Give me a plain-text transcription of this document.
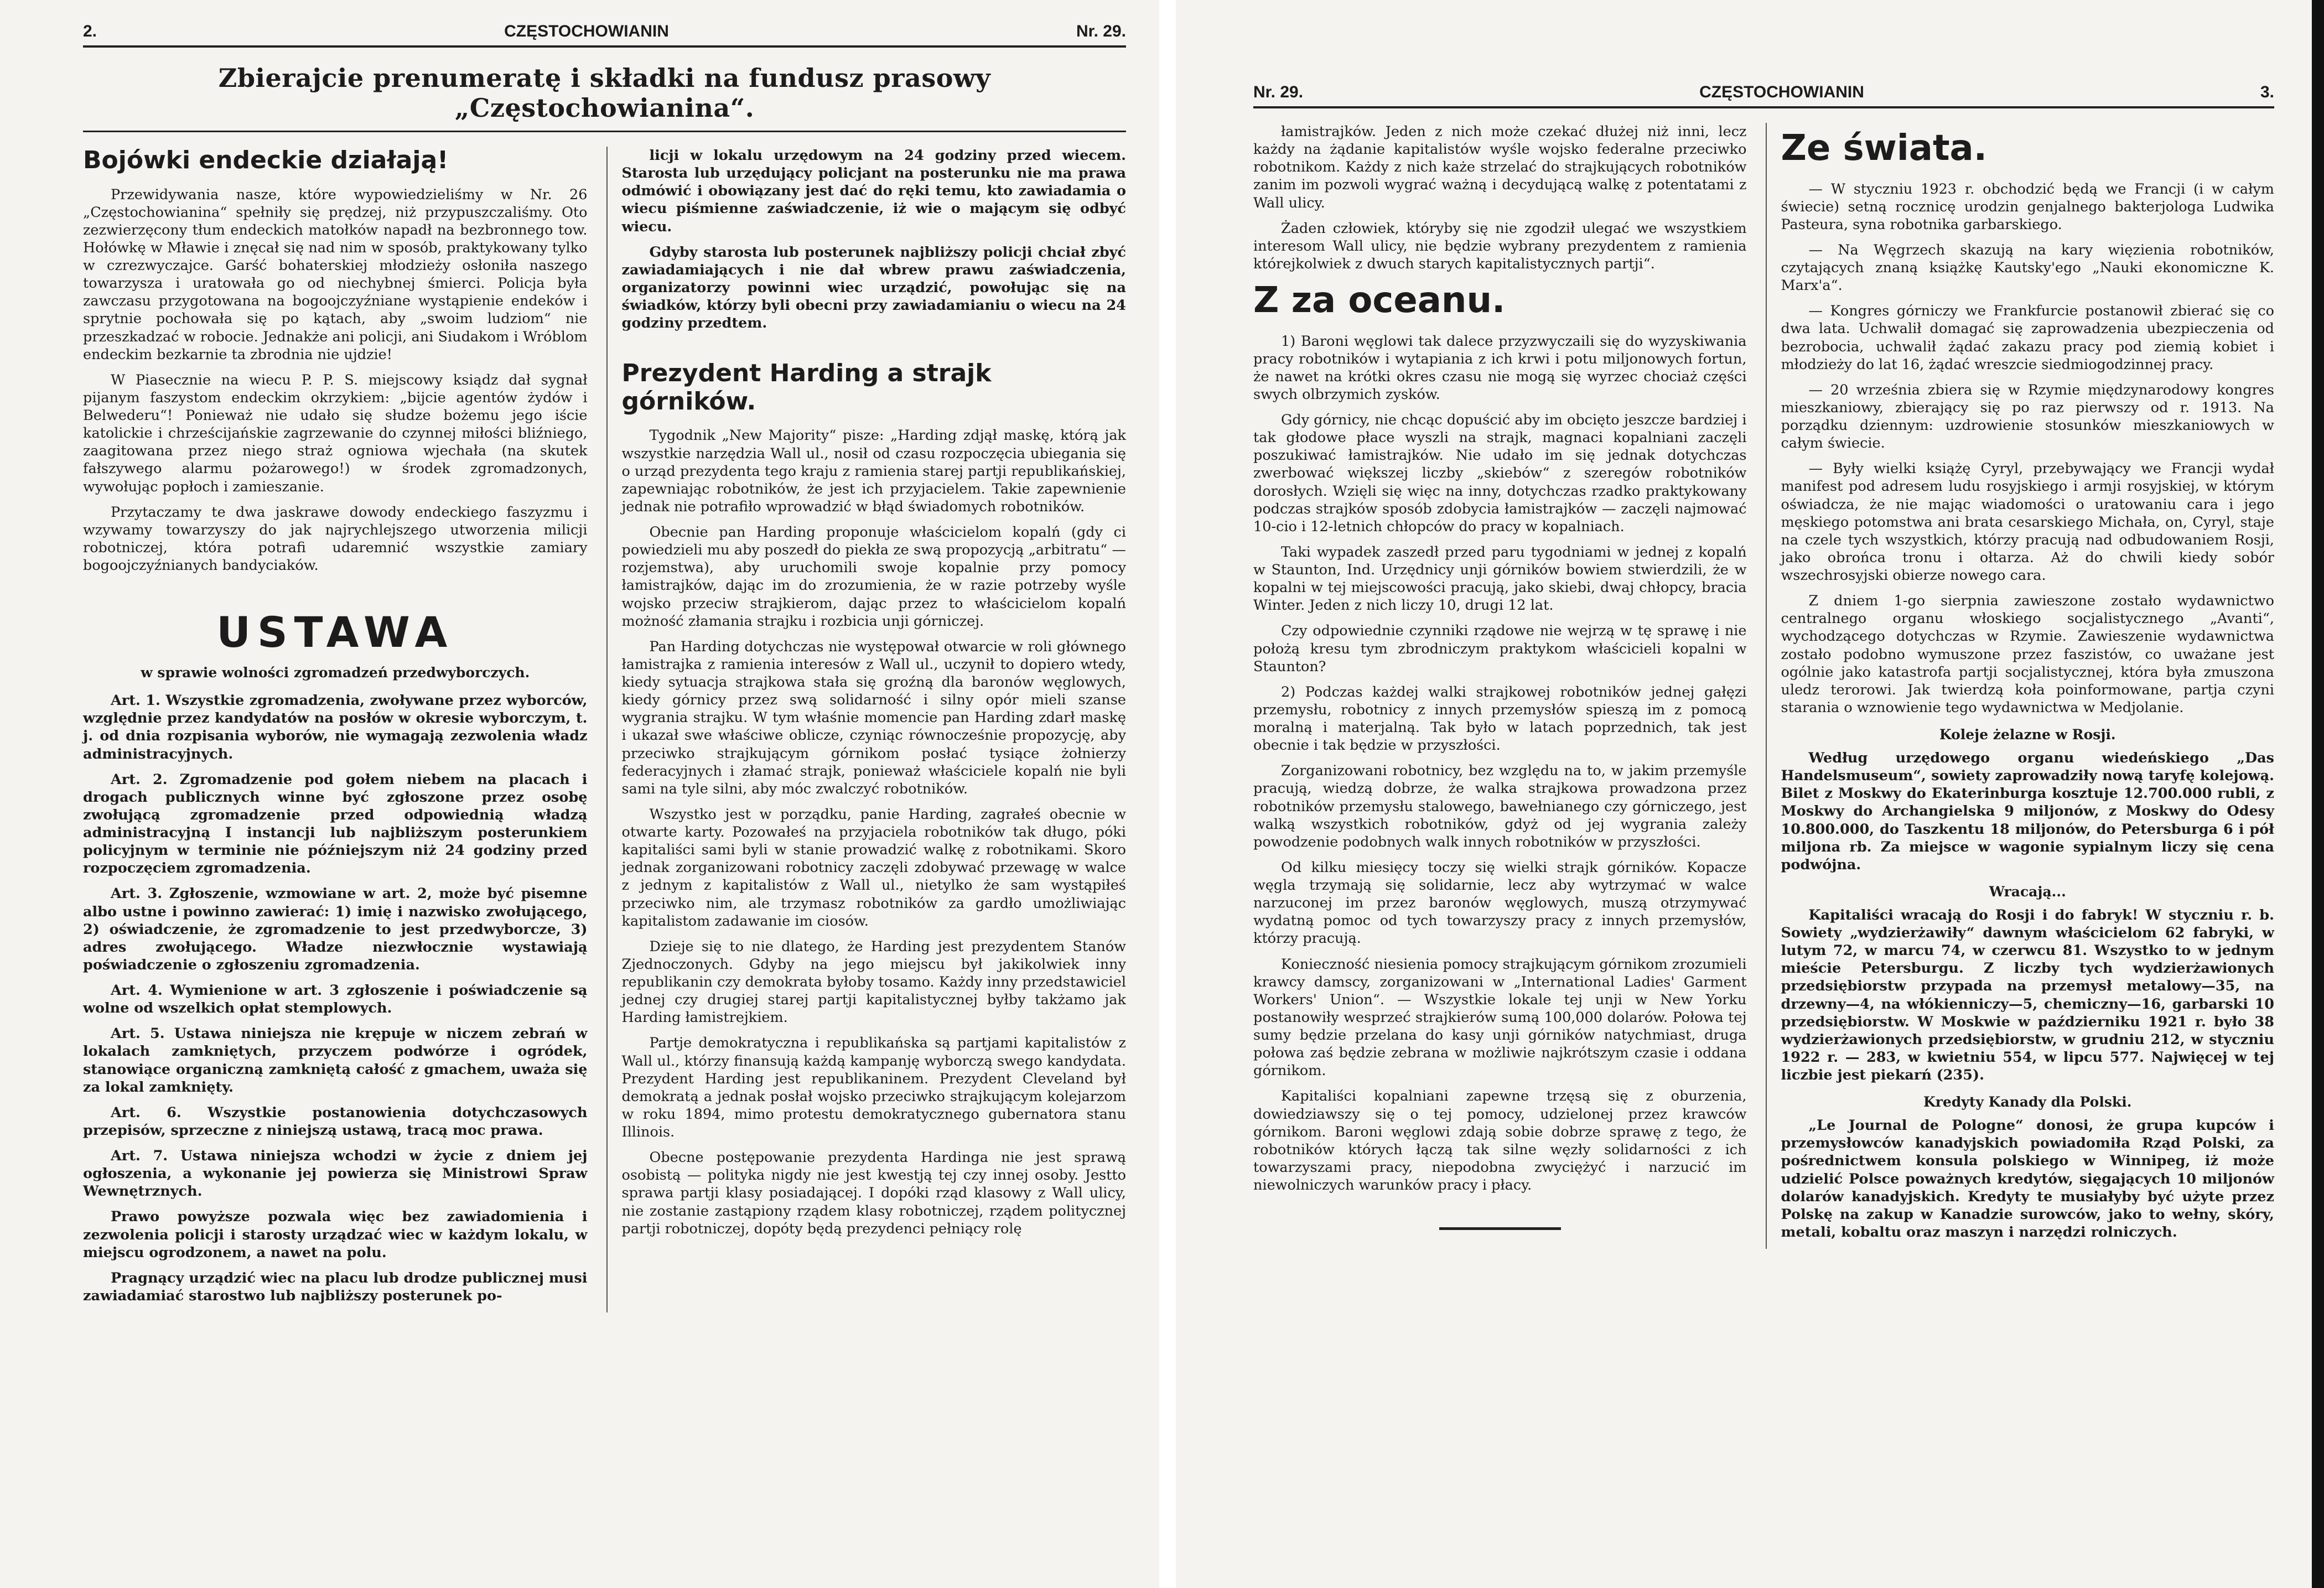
2.	CZĘSTOCHOWIANIN	Nr. 29.
Zbierajcie prenumeratę i składki na fundusz prasowy „Częstochowianina“.
Bojówki endeckie działają!

Przewidywania nasze, które wypowiedzieliśmy w Nr. 26 „Częstochowianina“ spełniły się prędzej, niż przypuszczaliśmy. Oto zezwierzęcony tłum endeckich matołków napadł na bezbronnego tow. Hołówkę w Mławie i znęcał się nad nim w sposób, praktykowany tylko w czrezwyczajce. Garść bohaterskiej młodzieży osłoniła naszego towarzysza i uratowała go od niechybnej śmierci. Policja była zawczasu przygotowana na bogoojczyźniane wystąpienie endeków i sprytnie pochowała się po kątach, aby „swoim ludziom“ nie przeszkadzać w robocie. Jednakże ani policji, ani Siudakom i Wróblom endeckim bezkarnie ta zbrodnia nie ujdzie!

W Piasecznie na wiecu P. P. S. miejscowy ksiądz dał sygnał pijanym faszystom endeckim okrzykiem: „bijcie agentów żydów i Belwederu“! Ponieważ nie udało się słudze bożemu jego iście katolickie i chrześcijańskie zagrzewanie do czynnej miłości bliźniego, zaagitowana przez niego straż ogniowa wjechała (na skutek fałszywego alarmu pożarowego!) w środek zgromadzonych, wywołując popłoch i zamieszanie.

Przytaczamy te dwa jaskrawe dowody endeckiego faszyzmu i wzywamy towarzyszy do jak najrychlejszego utworzenia milicji robotniczej, która potrafi udaremnić wszystkie zamiary bogoojczyźnianych bandyciaków.

USTAWA
w sprawie wolności zgromadzeń przedwyborczych.

Art. 1. Wszystkie zgromadzenia, zwoływane przez wyborców, względnie przez kandydatów na posłów w okresie wyborczym, t. j. od dnia rozpisania wyborów, nie wymagają zezwolenia władz administracyjnych.

Art. 2. Zgromadzenie pod gołem niebem na placach i drogach publicznych winne być zgłoszone przez osobę zwołującą zgromadzenie przed odpowiednią władzą administracyjną I instancji lub najbliższym posterunkiem policyjnym w terminie nie późniejszym niż 24 godziny przed rozpoczęciem zgromadzenia.

Art. 3. Zgłoszenie, wzmowiane w art. 2, może być pisemne albo ustne i powinno zawierać: 1) imię i nazwisko zwołującego, 2) oświadczenie, że zgromadzenie to jest przedwyborcze, 3) adres zwołującego. Władze niezwłocznie wystawiają poświadczenie o zgłoszeniu zgromadzenia.

Art. 4. Wymienione w art. 3 zgłoszenie i poświadczenie są wolne od wszelkich opłat stemplowych.

Art. 5. Ustawa niniejsza nie krępuje w niczem zebrań w lokalach zamkniętych, przyczem podwórze i ogródek, stanowiące organiczną zamkniętą całość z gmachem, uważa się za lokal zamknięty.

Art. 6. Wszystkie postanowienia dotychczasowych przepisów, sprzeczne z niniejszą ustawą, tracą moc prawa.

Art. 7. Ustawa niniejsza wchodzi w życie z dniem jej ogłoszenia, a wykonanie jej powierza się Ministrowi Spraw Wewnętrznych.

Prawo powyższe pozwala więc bez zawiadomienia i zezwolenia policji i starosty urządzać wiec w każdym lokalu, w miejscu ogrodzonem, a nawet na polu.

Pragnący urządzić wiec na placu lub drodze publicznej musi zawiadamiać starostwo lub najbliższy posterunek po-

licji w lokalu urzędowym na 24 godziny przed wiecem. Starosta lub urzędujący policjant na posterunku nie ma prawa odmówić i obowiązany jest dać do ręki temu, kto zawiadamia o wiecu piśmienne zaświadczenie, iż wie o mającym się odbyć wiecu.

Gdyby starosta lub posterunek najbliższy policji chciał zbyć zawiadamiających i nie dał wbrew prawu zaświadczenia, organizatorzy powinni wiec urządzić, powołując się na świadków, którzy byli obecni przy zawiadamianiu o wiecu na 24 godziny przedtem.

Prezydent Harding a strajk górników.

Tygodnik „New Majority“ pisze: „Harding zdjął maskę, którą jak wszystkie narzędzia Wall ul., nosił od czasu rozpoczęcia ubiegania się o urząd prezydenta tego kraju z ramienia starej partji republikańskiej, zapewniając robotników, że jest ich przyjacielem. Takie zapewnienie jednak nie potrafiło wprowadzić w błąd świadomych robotników.

Obecnie pan Harding proponuje właścicielom kopalń (gdy ci powiedzieli mu aby poszedł do piekła ze swą propozycją „arbitratu“ — rozjemstwa), aby uruchomili swoje kopalnie przy pomocy łamistrajków, dając im do zrozumienia, że w razie potrzeby wyśle wojsko przeciw strajkierom, dając przez to właścicielom kopalń możność złamania strajku i rozbicia unji górniczej.

Pan Harding dotychczas nie występował otwarcie w roli głównego łamistrajka z ramienia interesów z Wall ul., uczynił to dopiero wtedy, kiedy sytuacja strajkowa stała się groźną dla baronów węglowych, kiedy górnicy przez swą solidarność i silny opór mieli szanse wygrania strajku. W tym właśnie momencie pan Harding zdarł maskę i ukazał swe właściwe oblicze, czyniąc równocześnie propozycję, aby przeciwko strajkującym górnikom posłać tysiące żołnierzy federacyjnych i złamać strajk, ponieważ właściciele kopalń nie byli sami na tyle silni, aby móc zwalczyć robotników.

Wszystko jest w porządku, panie Harding, zagrałeś obecnie w otwarte karty. Pozowałeś na przyjaciela robotników tak długo, póki kapitaliści sami byli w stanie prowadzić walkę z robotnikami. Skoro jednak zorganizowani robotnicy zaczęli zdobywać przewagę w walce z jednym z kapitalistów z Wall ul., nietylko że sam wystąpiłeś przeciwko nim, ale trzymasz robotników za gardło umożliwiając kapitalistom zadawanie im ciosów.

Dzieje się to nie dlatego, że Harding jest prezydentem Stanów Zjednoczonych. Gdyby na jego miejscu był jakikolwiek inny republikanin czy demokrata byłoby tosamo. Każdy inny przedstawiciel jednej czy drugiej starej partji kapitalistycznej byłby takżamo jak Harding łamistrejkiem.

Partje demokratyczna i republikańska są partjami kapitalistów z Wall ul., którzy finansują każdą kampanję wyborczą swego kandydata. Prezydent Harding jest republikaninem. Prezydent Cleveland był demokratą a jednak posłał wojsko przeciwko strajkującym kolejarzom w roku 1894, mimo protestu demokratycznego gubernatora stanu Illinois.

Obecne postępowanie prezydenta Hardinga nie jest sprawą osobistą — polityka nigdy nie jest kwestją tej czy innej osoby. Jestto sprawa partji klasy posiadającej. I dopóki rząd klasowy z Wall ulicy, nie zostanie zastąpiony rządem klasy robotniczej, rządem politycznej partji robotniczej, dopóty będą prezydenci pełniący rolę

Nr. 29.	CZĘSTOCHOWIANIN	3.

łamistrajków. Jeden z nich może czekać dłużej niż inni, lecz każdy na żądanie kapitalistów wyśle wojsko federalne przeciwko robotnikom. Każdy z nich każe strzelać do strajkujących robotników zanim im pozwoli wygrać ważną i decydującą walkę z potentatami z Wall ulicy.

Żaden człowiek, któryby się nie zgodził ulegać we wszystkiem interesom Wall ulicy, nie będzie wybrany prezydentem z ramienia którejkolwiek z dwuch starych kapitalistycznych partji“.

Z za oceanu.

1) Baroni węglowi tak dalece przyzwyczaili się do wyzyskiwania pracy robotników i wytapiania z ich krwi i potu miljonowych fortun, że nawet na krótki okres czasu nie mogą się wyrzec chociaż części swych olbrzymich zysków.

Gdy górnicy, nie chcąc dopuścić aby im obcięto jeszcze bardziej i tak głodowe płace wyszli na strajk, magnaci kopalniani zaczęli poszukiwać łamistrajków. Nie udało im się jednak dotychczas zwerbować większej liczby „skiebów“ z szeregów robotników dorosłych. Wzięli się więc na inny, dotychczas rzadko praktykowany podczas strajków sposób zdobycia łamistrajków — zaczęli najmować 10-cio i 12-letnich chłopców do pracy w kopalniach.

Taki wypadek zaszedł przed paru tygodniami w jednej z kopalń w Staunton, Ind. Urzędnicy unji górników bowiem stwierdzili, że w kopalni w tej miejscowości pracują, jako skiebi, dwaj chłopcy, bracia Winter. Jeden z nich liczy 10, drugi 12 lat.

Czy odpowiednie czynniki rządowe nie wejrzą w tę sprawę i nie położą kresu tym zbrodniczym praktykom właścicieli kopalni w Staunton?

2) Podczas każdej walki strajkowej robotników jednej gałęzi przemysłu, robotnicy z innych przemysłów spieszą im z pomocą moralną i materjalną. Tak było w latach poprzednich, tak jest obecnie i tak będzie w przyszłości.

Zorganizowani robotnicy, bez względu na to, w jakim przemyśle pracują, wiedzą dobrze, że walka strajkowa prowadzona przez robotników przemysłu stalowego, bawełnianego czy górniczego, jest walką wszystkich robotników, gdyż od jej wygrania zależy powodzenie podobnych walk innych robotników w przyszłości.

Od kilku miesięcy toczy się wielki strajk górników. Kopacze węgla trzymają się solidarnie, lecz aby wytrzymać w walce narzuconej im przez baronów węglowych, muszą otrzymywać wydatną pomoc od tych towarzyszy pracy z innych przemysłów, którzy pracują.

Konieczność niesienia pomocy strajkującym górnikom zrozumieli krawcy damscy, zorganizowani w „International Ladies' Garment Workers' Union“. — Wszystkie lokale tej unji w New Yorku postanowiły wesprzeć strajkierów sumą 100,000 dolarów. Połowa tej sumy będzie przelana do kasy unji górników natychmiast, druga połowa zaś będzie zebrana w możliwie najkrótszym czasie i oddana górnikom.

Kapitaliści kopalniani zapewne trzęsą się z oburzenia, dowiedziawszy się o tej pomocy, udzielonej przez krawców górnikom. Baroni węglowi zdają sobie dobrze sprawę z tego, że robotników których łączą tak silne węzły solidarności z ich towarzyszami pracy, niepodobna zwyciężyć i narzucić im niewolniczych warunków pracy i płacy.

Ze świata.

— W styczniu 1923 r. obchodzić będą we Francji (i w całym świecie) setną rocznicę urodzin genjalnego bakterjologa Ludwika Pasteura, syna robotnika garbarskiego.

— Na Węgrzech skazują na kary więzienia robotników, czytających znaną książkę Kautsky'ego „Nauki ekonomiczne K. Marx'a“.

— Kongres górniczy we Frankfurcie postanowił zbierać się co dwa lata. Uchwalił domagać się zaprowadzenia ubezpieczenia od bezrobocia, uchwalił żądać zakazu pracy pod ziemią kobiet i młodzieży do lat 16, żądać wreszcie siedmiogodzinnej pracy.

— 20 września zbiera się w Rzymie międzynarodowy kongres mieszkaniowy, zbierający się po raz pierwszy od r. 1913. Na porządku dziennym: uzdrowienie stosunków mieszkaniowych w całym świecie.

— Były wielki książę Cyryl, przebywający we Francji wydał manifest pod adresem ludu rosyjskiego i armji rosyjskiej, w którym oświadcza, że nie mając wiadomości o uratowaniu cara i jego męskiego potomstwa ani brata cesarskiego Michała, on, Cyryl, staje na czele tych wszystkich, którzy pracują nad odbudowaniem Rosji, jako obrońca tronu i ołtarza. Aż do chwili kiedy sobór wszechrosyjski obierze nowego cara.

Z dniem 1-go sierpnia zawieszone zostało wydawnictwo centralnego organu włoskiego socjalistycznego „Avanti“, wychodzącego dotychczas w Rzymie. Zawieszenie wydawnictwa zostało podobno wymuszone przez faszistów, co uważane jest ogólnie jako katastrofa partji socjalistycznej, która była zmuszona uledz terorowi. Jak twierdzą koła poinformowane, partja czyni starania o wznowienie tego wydawnictwa w Medjolanie.

Koleje żelazne w Rosji.

Według urzędowego organu wiedeńskiego „Das Handelsmuseum“, sowiety zaprowadziły nową taryfę kolejową. Bilet z Moskwy do Ekaterinburga kosztuje 12.700.000 rubli, z Moskwy do Archangielska 9 miljonów, z Moskwy do Odesy 10.800.000, do Taszkentu 18 miljonów, do Petersburga 6 i pół miljona rb. Za miejsce w wagonie sypialnym liczy się cena podwójna.

Wracają...

Kapitaliści wracają do Rosji i do fabryk! W styczniu r. b. Sowiety „wydzierżawiły“ dawnym właścicielom 62 fabryki, w lutym 72, w marcu 74, w czerwcu 81. Wszystko to w jednym mieście Petersburgu. Z liczby tych wydzierżawionych przedsiębiorstw przypada na przemysł metalowy—35, na drzewny—4, na włókienniczy—5, chemiczny—16, garbarski 10 przedsiębiorstw. W Moskwie w październiku 1921 r. było 38 wydzierżawionych przedsiębiorstw, w grudniu 212, w styczniu 1922 r. — 283, w kwietniu 554, w lipcu 577. Najwięcej w tej liczbie jest piekarń (235).

Kredyty Kanady dla Polski.

„Le Journal de Pologne“ donosi, że grupa kupców i przemysłowców kanadyjskich powiadomiła Rząd Polski, za pośrednictwem konsula polskiego w Winnipeg, iż może udzielić Polsce poważnych kredytów, sięgających 10 miljonów dolarów kanadyjskich. Kredyty te musiałyby być użyte przez Polskę na zakup w Kanadzie surowców, jako to wełny, skóry, metali, kobaltu oraz maszyn i narzędzi rolniczych.
